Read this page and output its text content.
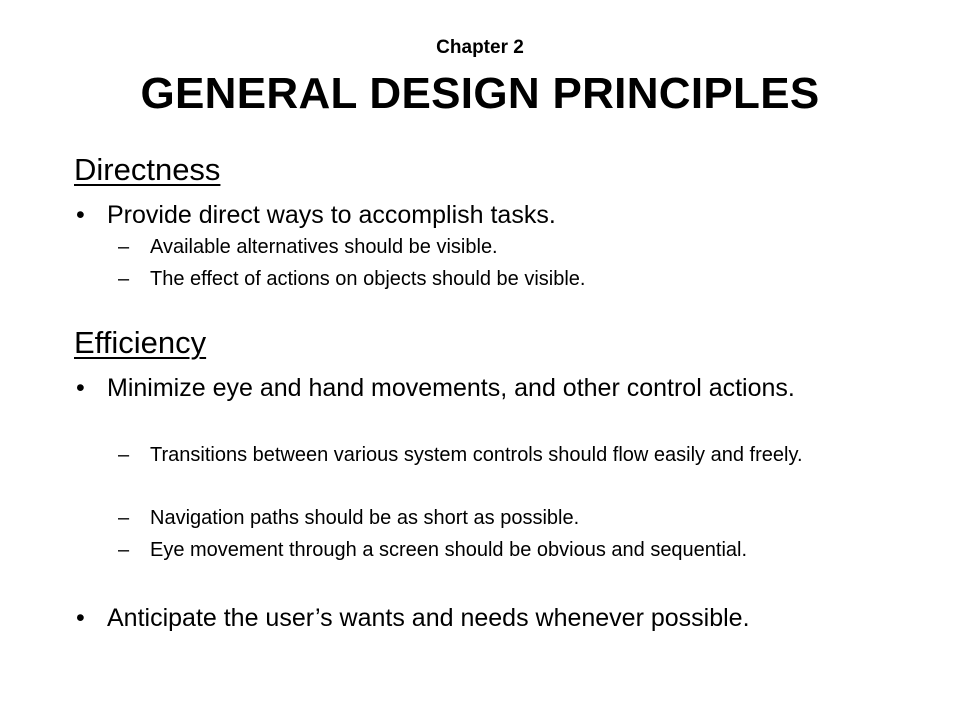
Chapter 2
GENERAL DESIGN PRINCIPLES
Directness
• Provide direct ways to accomplish tasks.
– Available alternatives should be visible.
– The effect of actions on objects should be visible.
Efficiency
• Minimize eye and hand movements, and other control actions.
– Transitions between various system controls should flow easily and freely.
– Navigation paths should be as short as possible.
– Eye movement through a screen should be obvious and sequential.
• Anticipate the user’s wants and needs whenever possible.
